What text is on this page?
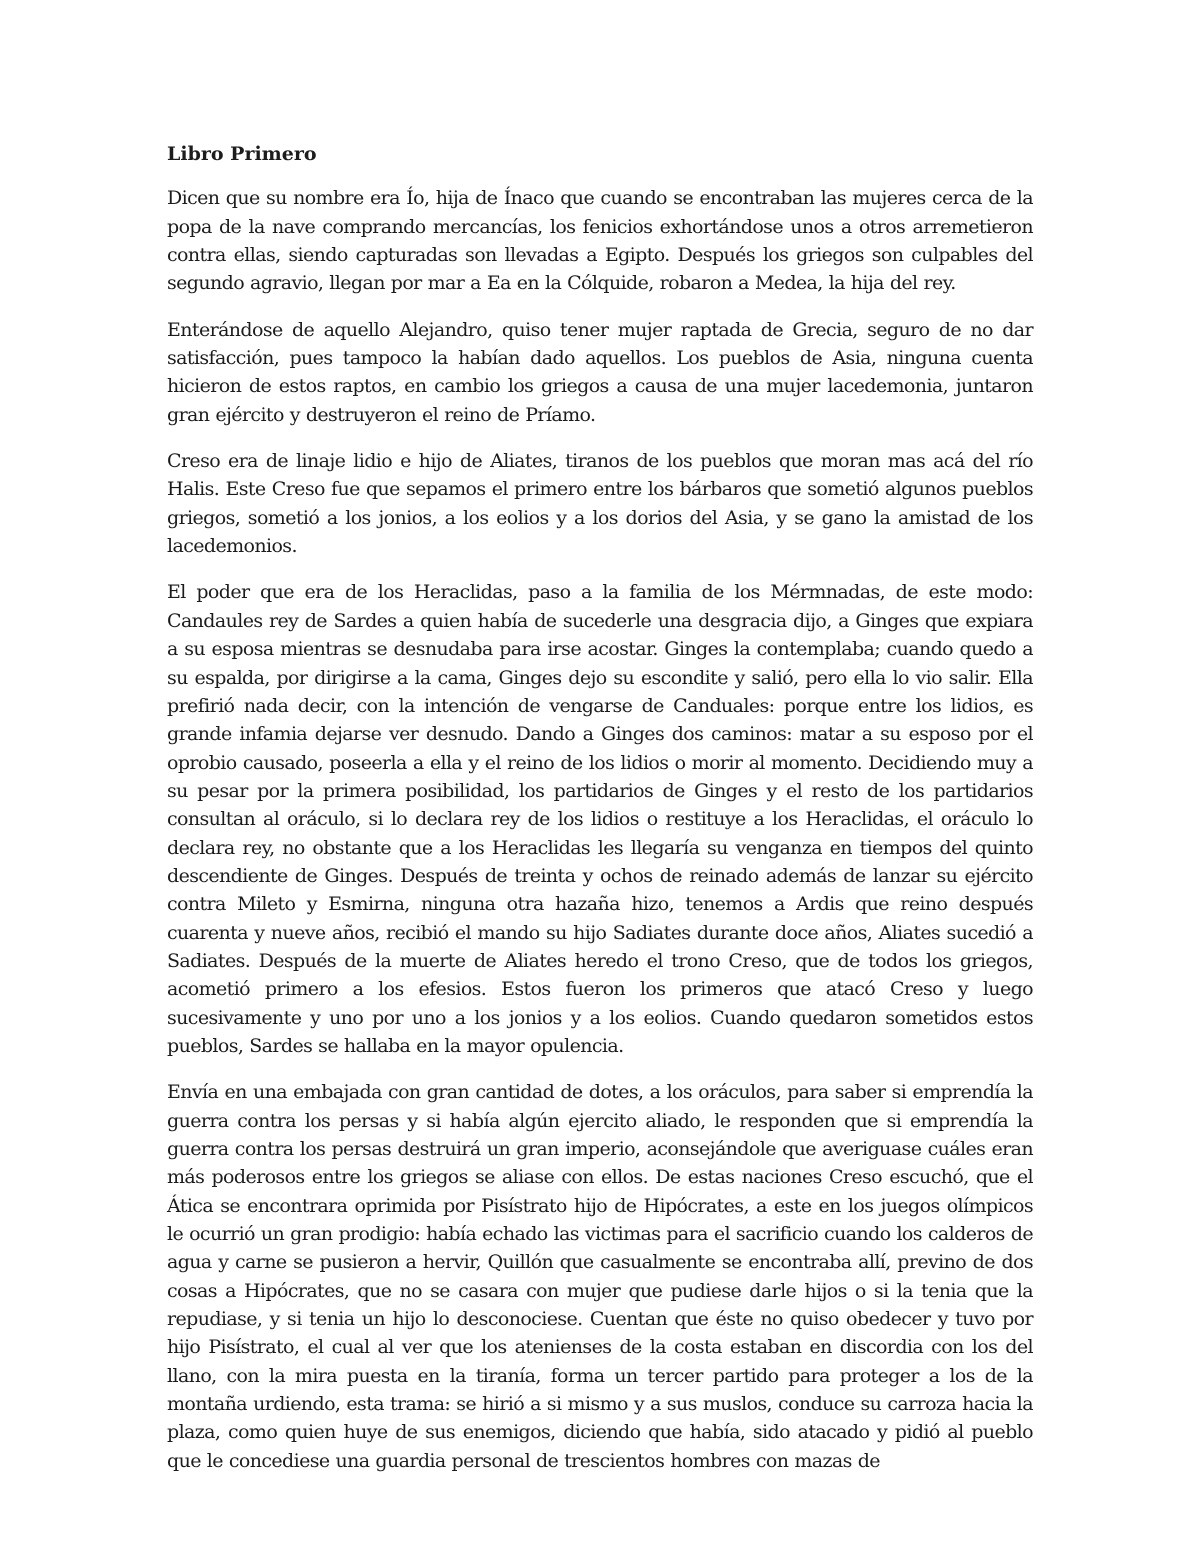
Libro Primero

Dicen que su nombre era Ío, hija de Ínaco que cuando se encontraban las mujeres cerca de la popa de la nave comprando mercancías, los fenicios exhortándose unos a otros arremetieron contra ellas, siendo capturadas son llevadas a Egipto. Después los griegos son culpables del segundo agravio, llegan por mar a Ea en la Cólquide, robaron a Medea, la hija del rey.

Enterándose de aquello Alejandro, quiso tener mujer raptada de Grecia, seguro de no dar satisfacción, pues tampoco la habían dado aquellos. Los pueblos de Asia, ninguna cuenta hicieron de estos raptos, en cambio los griegos a causa de una mujer lacedemonia, juntaron gran ejército y destruyeron el reino de Príamo.

Creso era de linaje lidio e hijo de Aliates, tiranos de los pueblos que moran mas acá del río Halis. Este Creso fue que sepamos el primero entre los bárbaros que sometió algunos pueblos griegos, sometió a los jonios, a los eolios y a los dorios del Asia, y se gano la amistad de los lacedemonios.

El poder que era de los Heraclidas, paso a la familia de los Mérmnadas, de este modo: Candaules rey de Sardes a quien había de sucederle una desgracia dijo, a Ginges que expiara a su esposa mientras se desnudaba para irse acostar. Ginges la contemplaba; cuando quedo a su espalda, por dirigirse a la cama, Ginges dejo su escondite y salió, pero ella lo vio salir. Ella prefirió nada decir, con la intención de vengarse de Canduales: porque entre los lidios, es grande infamia dejarse ver desnudo. Dando a Ginges dos caminos: matar a su esposo por el oprobio causado, poseerla a ella y el reino de los lidios o morir al momento. Decidiendo muy a su pesar por la primera posibilidad, los partidarios de Ginges y el resto de los partidarios consultan al oráculo, si lo declara rey de los lidios o restituye a los Heraclidas, el oráculo lo declara rey, no obstante que a los Heraclidas les llegaría su venganza en tiempos del quinto descendiente de Ginges. Después de treinta y ochos de reinado además de lanzar su ejército contra Mileto y Esmirna, ninguna otra hazaña hizo, tenemos a Ardis que reino después cuarenta y nueve años, recibió el mando su hijo Sadiates durante doce años, Aliates sucedió a Sadiates. Después de la muerte de Aliates heredo el trono Creso, que de todos los griegos, acometió primero a los efesios. Estos fueron los primeros que atacó Creso y luego sucesivamente y uno por uno a los jonios y a los eolios. Cuando quedaron sometidos estos pueblos, Sardes se hallaba en la mayor opulencia.

Envía en una embajada con gran cantidad de dotes, a los oráculos, para saber si emprendía la guerra contra los persas y si había algún ejercito aliado, le responden que si emprendía la guerra contra los persas destruirá un gran imperio, aconsejándole que averiguase cuáles eran más poderosos entre los griegos se aliase con ellos. De estas naciones Creso escuchó, que el Ática se encontrara oprimida por Pisístrato hijo de Hipócrates, a este en los juegos olímpicos le ocurrió un gran prodigio: había echado las victimas para el sacrificio cuando los calderos de agua y carne se pusieron a hervir, Quillón que casualmente se encontraba allí, previno de dos cosas a Hipócrates, que no se casara con mujer que pudiese darle hijos o si la tenia que la repudiase, y si tenia un hijo lo desconociese. Cuentan que éste no quiso obedecer y tuvo por hijo Pisístrato, el cual al ver que los atenienses de la costa estaban en discordia con los del llano, con la mira puesta en la tiranía, forma un tercer partido para proteger a los de la montaña urdiendo, esta trama: se hirió a si mismo y a sus muslos, conduce su carroza hacia la plaza, como quien huye de sus enemigos, diciendo que había, sido atacado y pidió al pueblo que le concediese una guardia personal de trescientos hombres con mazas de
